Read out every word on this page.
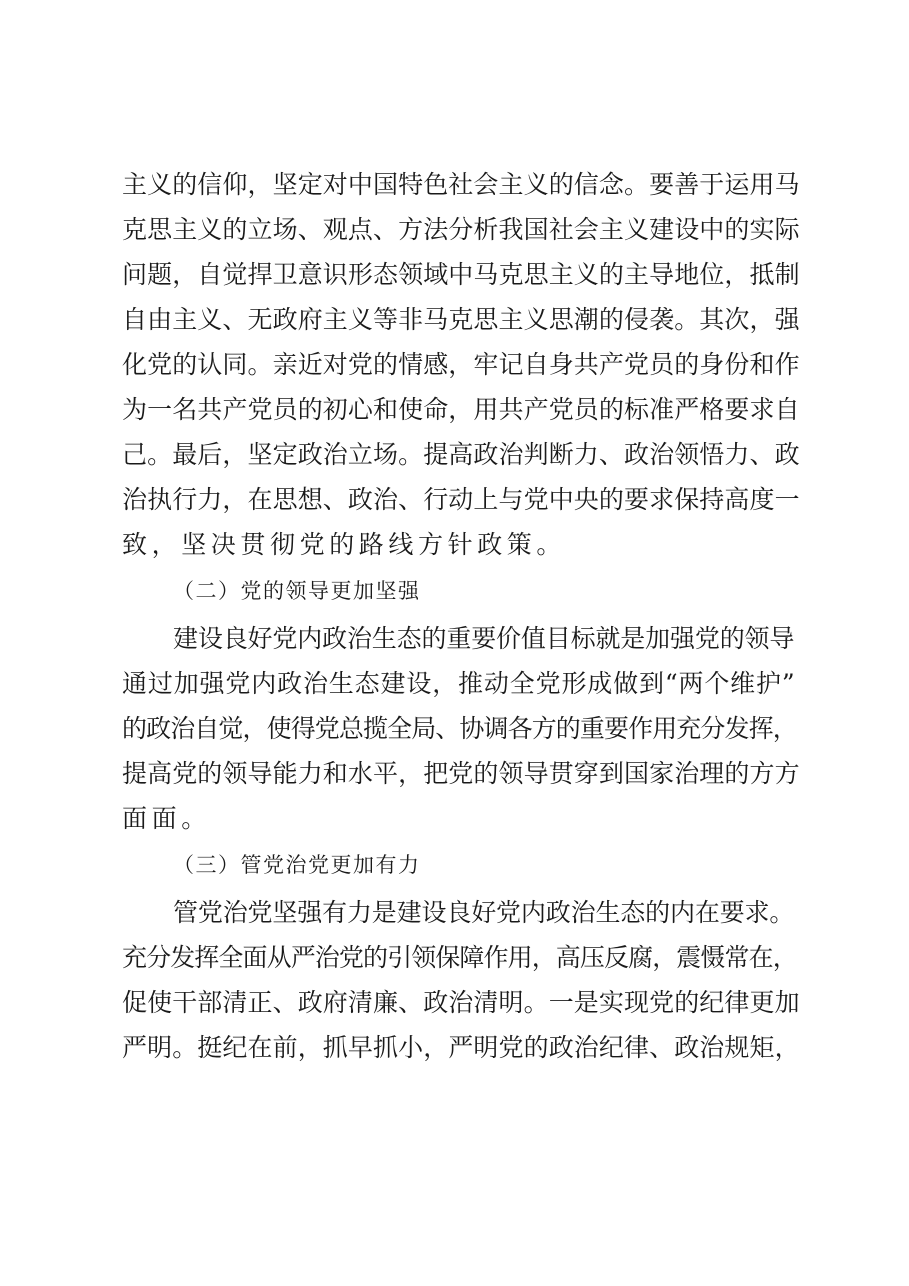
主义的信仰，坚定对中国特色社会主义的信念。要善于运用马
克思主义的立场、观点、方法分析我国社会主义建设中的实际
问题，自觉捍卫意识形态领域中马克思主义的主导地位，抵制
自由主义、无政府主义等非马克思主义思潮的侵袭。其次，强
化党的认同。亲近对党的情感，牢记自身共产党员的身份和作
为一名共产党员的初心和使命，用共产党员的标准严格要求自
己。最后，坚定政治立场。提高政治判断力、政治领悟力、政
治执行力，在思想、政治、行动上与党中央的要求保持高度一
致，坚决贯彻党的路线方针政策。
（二）党的领导更加坚强
建设良好党内政治生态的重要价值目标就是加强党的领导
通过加强党内政治生态建设，推动全党形成做到“两个维护”
的政治自觉，使得党总揽全局、协调各方的重要作用充分发挥，
提高党的领导能力和水平，把党的领导贯穿到国家治理的方方
面面。
（三）管党治党更加有力
管党治党坚强有力是建设良好党内政治生态的内在要求。
充分发挥全面从严治党的引领保障作用，高压反腐，震慑常在，
促使干部清正、政府清廉、政治清明。一是实现党的纪律更加
严明。挺纪在前，抓早抓小，严明党的政治纪律、政治规矩，
